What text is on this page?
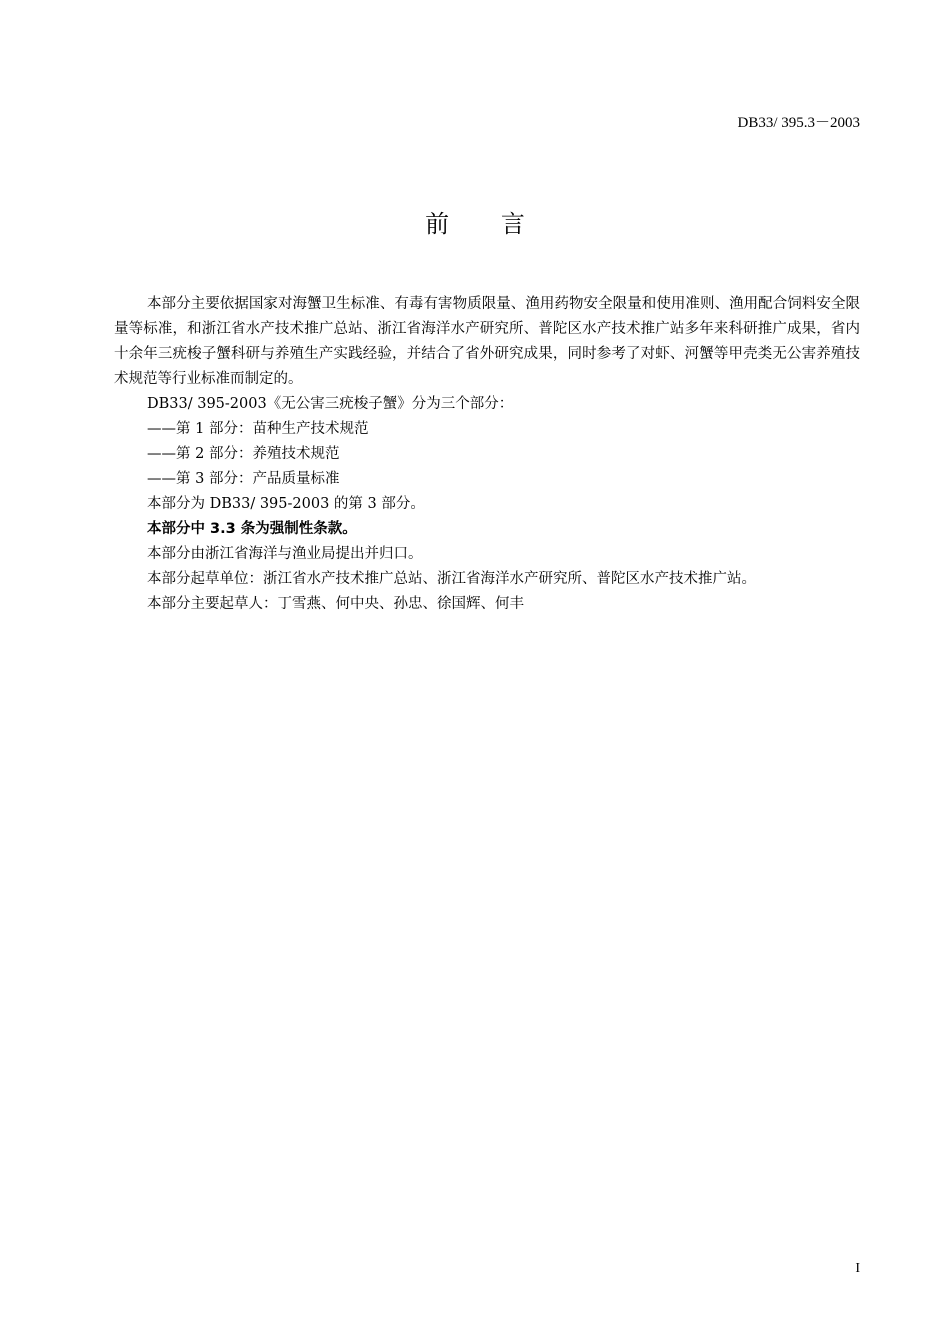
DB33/ 395.3－2003
前 言

本部分主要依据国家对海蟹卫生标准、有毒有害物质限量、渔用药物安全限量和使用准则、渔用配合饲料安全限量等标准，和浙江省水产技术推广总站、浙江省海洋水产研究所、普陀区水产技术推广站多年来科研推广成果，省内十余年三疣梭子蟹科研与养殖生产实践经验，并结合了省外研究成果，同时参考了对虾、河蟹等甲壳类无公害养殖技术规范等行业标准而制定的。

DB33/ 395-2003《无公害三疣梭子蟹》分为三个部分：

——第 1 部分：苗种生产技术规范

——第 2 部分：养殖技术规范

——第 3 部分：产品质量标准

本部分为 DB33/ 395-2003 的第 3 部分。

本部分中 3.3 条为强制性条款。

本部分由浙江省海洋与渔业局提出并归口。

本部分起草单位：浙江省水产技术推广总站、浙江省海洋水产研究所、普陀区水产技术推广站。

本部分主要起草人：丁雪燕、何中央、孙忠、徐国辉、何丰

I
